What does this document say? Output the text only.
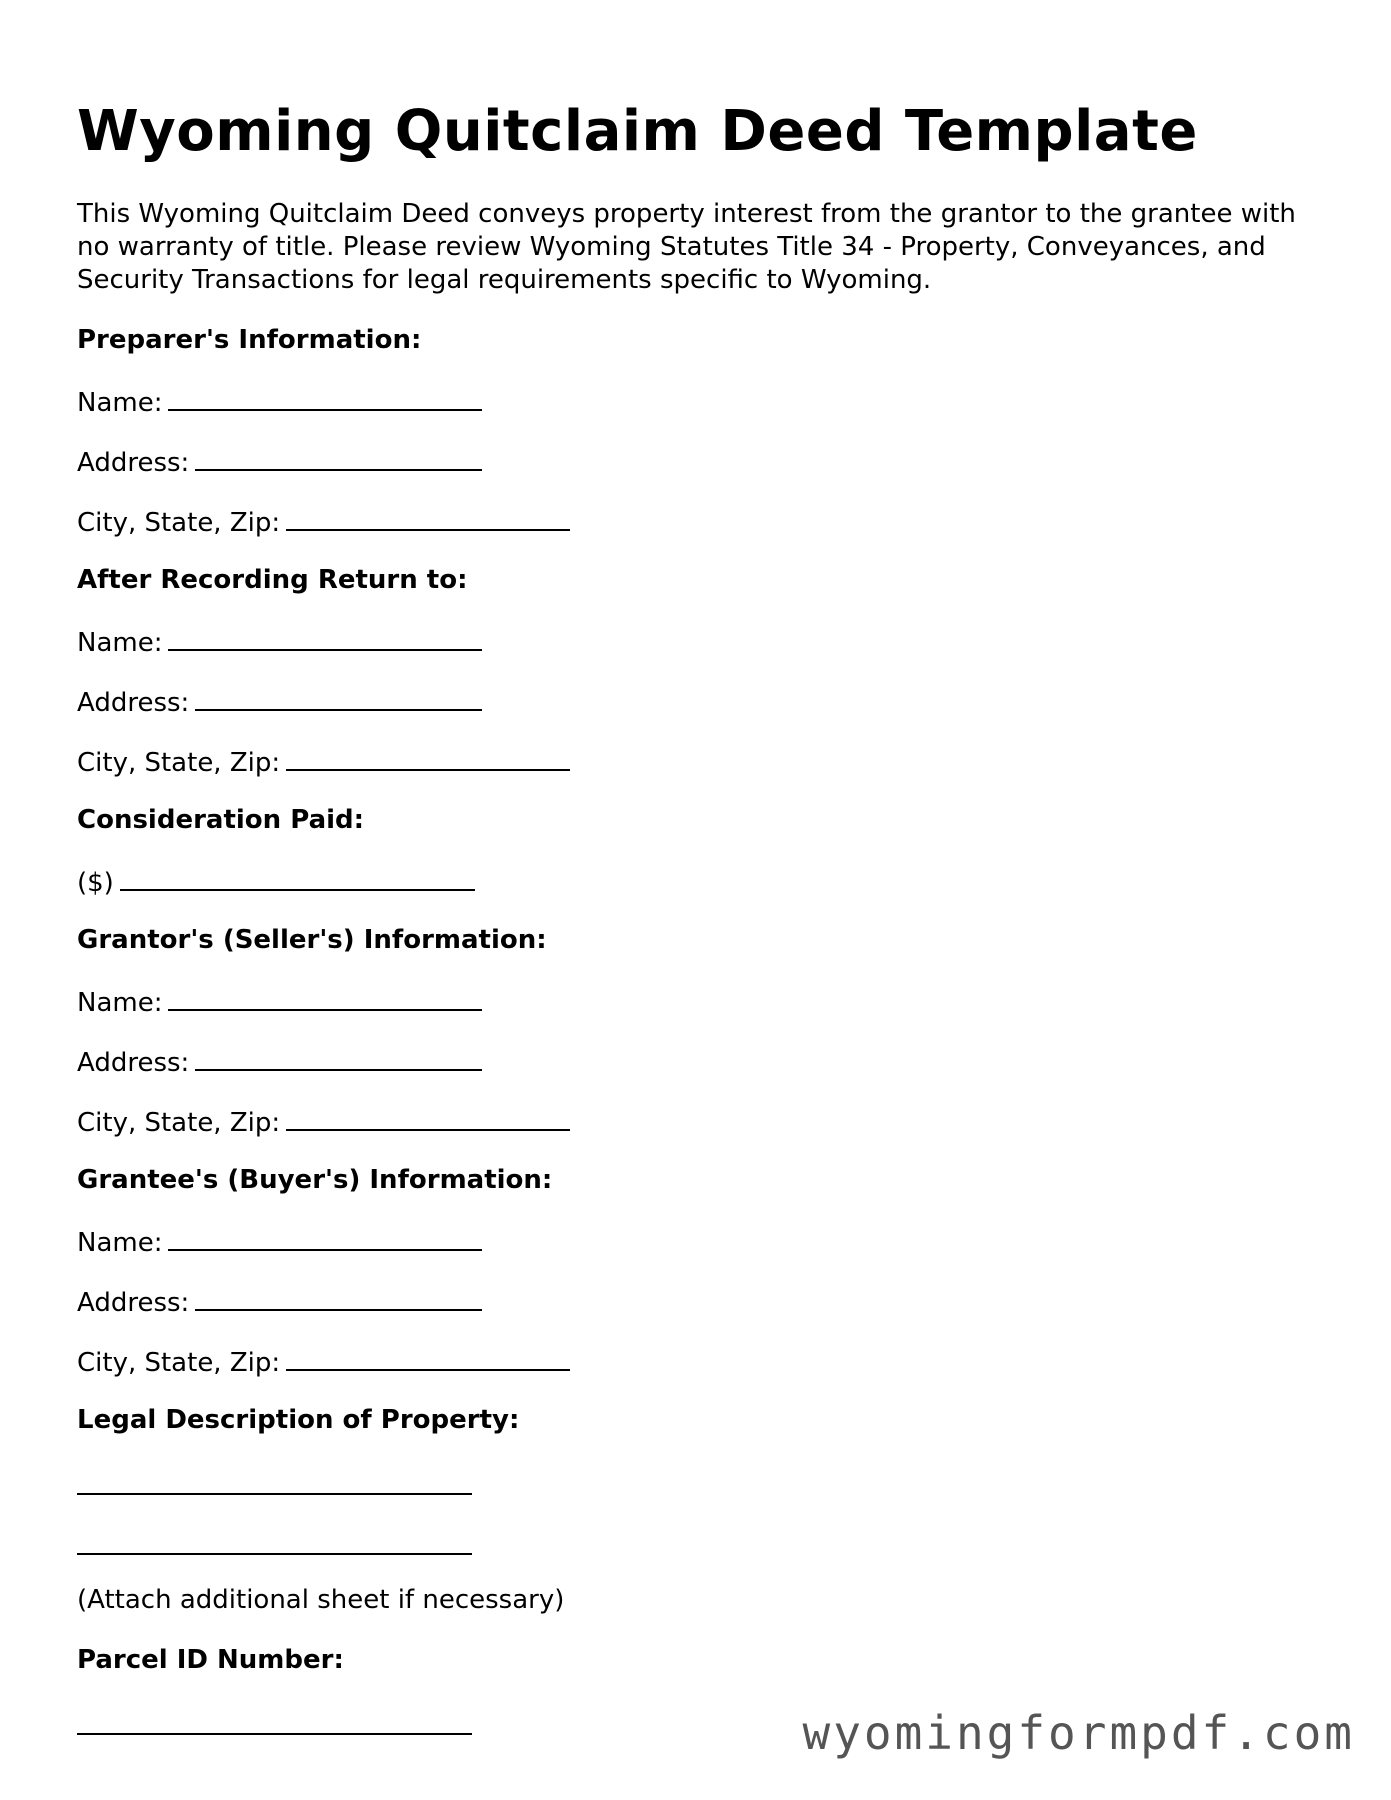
Wyoming Quitclaim Deed Template

This Wyoming Quitclaim Deed conveys property interest from the grantor to the grantee with no warranty of title. Please review Wyoming Statutes Title 34 - Property, Conveyances, and Security Transactions for legal requirements specific to Wyoming.

Preparer's Information:
Name:
Address:
City, State, Zip:
After Recording Return to:
Name:
Address:
City, State, Zip:
Consideration Paid:
($)
Grantor's (Seller's) Information:
Name:
Address:
City, State, Zip:
Grantee's (Buyer's) Information:
Name:
Address:
City, State, Zip:
Legal Description of Property:
(Attach additional sheet if necessary)
Parcel ID Number:
wyomingformpdf.com
